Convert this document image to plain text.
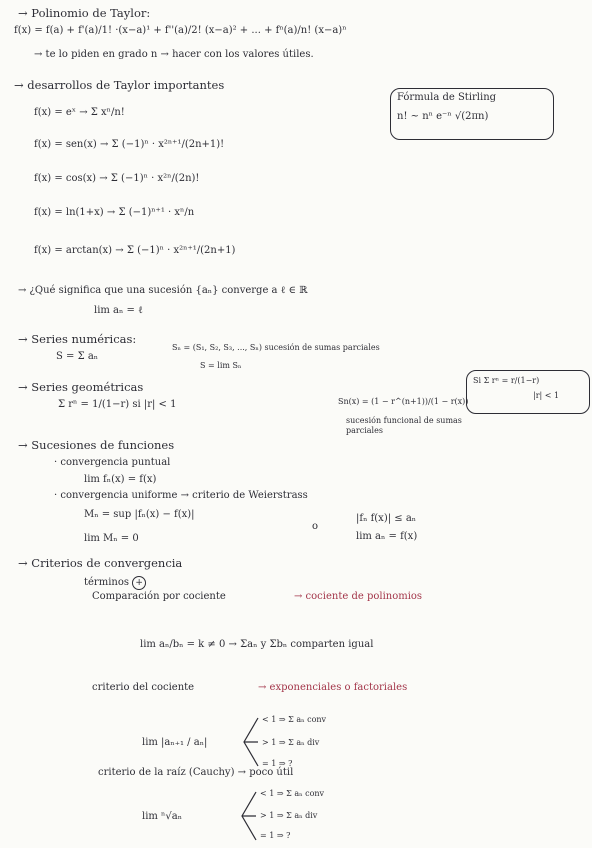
→ Polinomio de Taylor:
f(x) = f(a) + f'(a)/1! ·(x−a)¹ + f''(a)/2! (x−a)² + ... + fⁿ(a)/n! (x−a)ⁿ
→ te lo piden en grado n → hacer con los valores útiles.
→ desarrollos de Taylor importantes
f(x) = eˣ → Σ xⁿ/n!
f(x) = sen(x) → Σ (−1)ⁿ · x²ⁿ⁺¹/(2n+1)!
f(x) = cos(x) → Σ (−1)ⁿ · x²ⁿ/(2n)!
f(x) = ln(1+x) → Σ (−1)ⁿ⁺¹ · xⁿ/n
f(x) = arctan(x) → Σ (−1)ⁿ · x²ⁿ⁺¹/(2n+1)
Fórmula de Stirling
n! ~ nⁿ e⁻ⁿ √(2πn)
→ ¿Qué significa que una sucesión {aₙ} converge a ℓ ∈ ℝ
lim aₙ = ℓ
→ Series numéricas:
S = Σ aₙ
Sₙ = (S₁, S₂, S₃, ..., Sₙ) sucesión de sumas parciales
S = lim Sₙ
→ Series geométricas
Σ rⁿ = 1/(1−r) si |r| < 1	Sn(x) = (1 − r^(n+1))/(1 − r(x))
sucesión funcional de sumas parciales
Si Σ rⁿ = r/(1−r)
|r| < 1
→ Sucesiones de funciones
· convergencia puntual
lim fₙ(x) = f(x)
· convergencia uniforme → criterio de Weierstrass
Mₙ = sup |fₙ(x) − f(x)|
o
|fₙ f(x)| ≤ aₙ
lim Mₙ = 0	lim aₙ = f(x)
→ Criterios de convergencia
términos +
Comparación por cociente	→ cociente de polinomios
lim aₙ/bₙ = k ≠ 0 → Σaₙ y Σbₙ comparten igual
criterio del cociente	→ exponenciales o factoriales
lim |aₙ₊₁ / aₙ|
< 1 ⇒ Σ aₙ conv
> 1 ⇒ Σ aₙ div
= 1 ⇒ ?
criterio de la raíz (Cauchy) → poco útil
lim ⁿ√aₙ
< 1 ⇒ Σ aₙ conv
> 1 ⇒ Σ aₙ div
= 1 ⇒ ?
